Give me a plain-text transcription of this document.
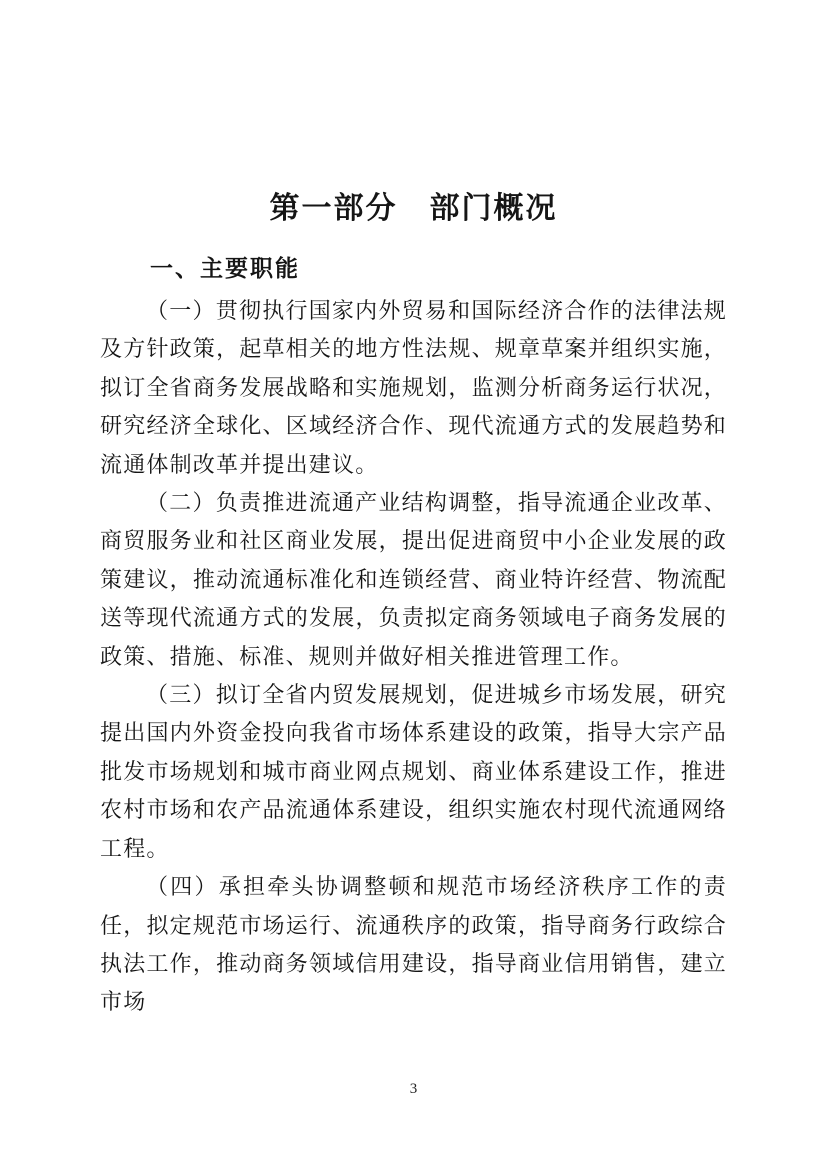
第一部分　部门概况
一、主要职能

（一）贯彻执行国家内外贸易和国际经济合作的法律法规及方针政策，起草相关的地方性法规、规章草案并组织实施，拟订全省商务发展战略和实施规划，监测分析商务运行状况，研究经济全球化、区域经济合作、现代流通方式的发展趋势和流通体制改革并提出建议。

（二）负责推进流通产业结构调整，指导流通企业改革、商贸服务业和社区商业发展，提出促进商贸中小企业发展的政策建议，推动流通标准化和连锁经营、商业特许经营、物流配送等现代流通方式的发展，负责拟定商务领域电子商务发展的政策、措施、标准、规则并做好相关推进管理工作。

（三）拟订全省内贸发展规划，促进城乡市场发展，研究提出国内外资金投向我省市场体系建设的政策，指导大宗产品批发市场规划和城市商业网点规划、商业体系建设工作，推进农村市场和农产品流通体系建设，组织实施农村现代流通网络工程。

（四）承担牵头协调整顿和规范市场经济秩序工作的责任，拟定规范市场运行、流通秩序的政策，指导商务行政综合执法工作，推动商务领域信用建设，指导商业信用销售，建立市场

3
